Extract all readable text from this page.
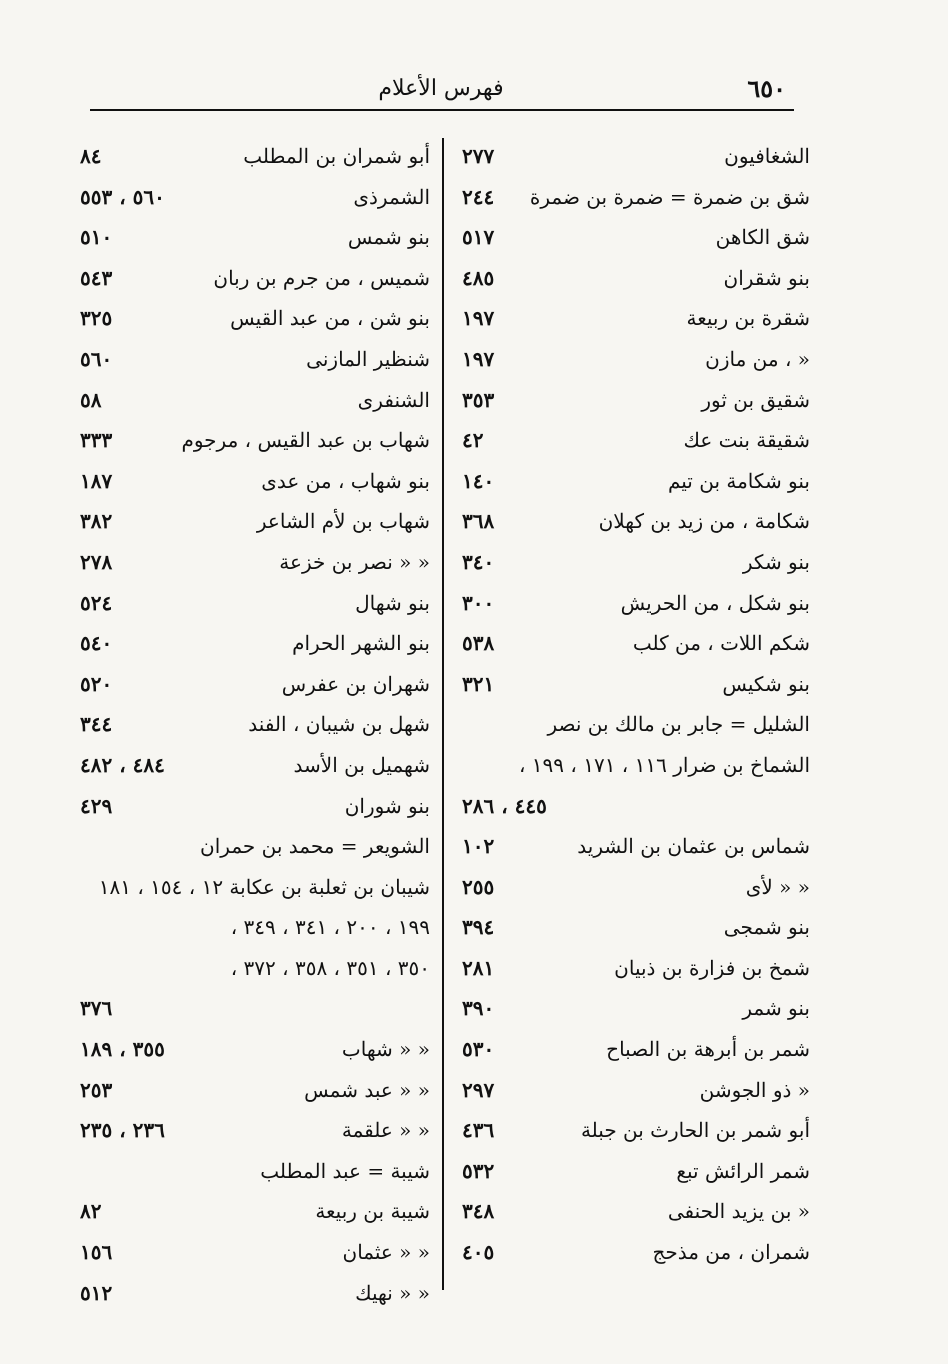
٦٥٠
فهرس الأعلام
الشغافيون
٢٧٧
شق بن ضمرة = ضمرة بن ضمرة
٢٤٤
شق الكاهن
٥١٧
بنو شقران
٤٨٥
شقرة بن ربيعة
١٩٧
« ، من مازن
١٩٧
شقيق بن ثور
٣٥٣
شقيقة بنت عك
٤٢
بنو شكامة بن تيم
١٤٠
شكامة ، من زيد بن كهلان
٣٦٨
بنو شكر
٣٤٠
بنو شكل ، من الحريش
٣٠٠
شكم اللات ، من كلب
٥٣٨
بنو شكيس
٣٢١
الشليل = جابر بن مالك بن نصر
الشماخ بن ضرار ١١٦ ، ١٧١ ، ١٩٩ ،
٤٤٥ ، ٢٨٦
شماس بن عثمان بن الشريد
١٠٢
« « لأى
٢٥٥
بنو شمجى
٣٩٤
شمخ بن فزارة بن ذبيان
٢٨١
بنو شمر
٣٩٠
شمر بن أبرهة بن الصباح
٥٣٠
« ذو الجوشن
٢٩٧
أبو شمر بن الحارث بن جبلة
٤٣٦
شمر الرائش تبع
٥٣٢
« بن يزيد الحنفى
٣٤٨
شمران ، من مذحج
٤٠٥
أبو شمران بن المطلب
٨٤
الشمرذى
٥٦٠ ، ٥٥٣
بنو شمس
٥١٠
شميس ، من جرم بن ربان
٥٤٣
بنو شن ، من عبد القيس
٣٢٥
شنظير المازنى
٥٦٠
الشنفرى
٥٨
شهاب بن عبد القيس ، مرجوم
٣٣٣
بنو شهاب ، من عدى
١٨٧
شهاب بن لأم الشاعر
٣٨٢
« « نصر بن خزعة
٢٧٨
بنو شهال
٥٢٤
بنو الشهر الحرام
٥٤٠
شهران بن عفرس
٥٢٠
شهل بن شيبان ، الفند
٣٤٤
شهميل بن الأسد
٤٨٤ ، ٤٨٢
بنو شوران
٤٢٩
الشويعر = محمد بن حمران
شيبان بن ثعلبة بن عكابة ١٢ ، ١٥٤ ، ١٨١
١٩٩ ، ٢٠٠ ، ٣٤١ ، ٣٤٩ ،
٣٥٠ ، ٣٥١ ، ٣٥٨ ، ٣٧٢ ،
٣٧٦
« « شهاب
٣٥٥ ، ١٨٩
« « عبد شمس
٢٥٣
« « علقمة
٢٣٦ ، ٢٣٥
شيبة = عبد المطلب
شيبة بن ربيعة
٨٢
« « عثمان
١٥٦
« « نهيك
٥١٢
